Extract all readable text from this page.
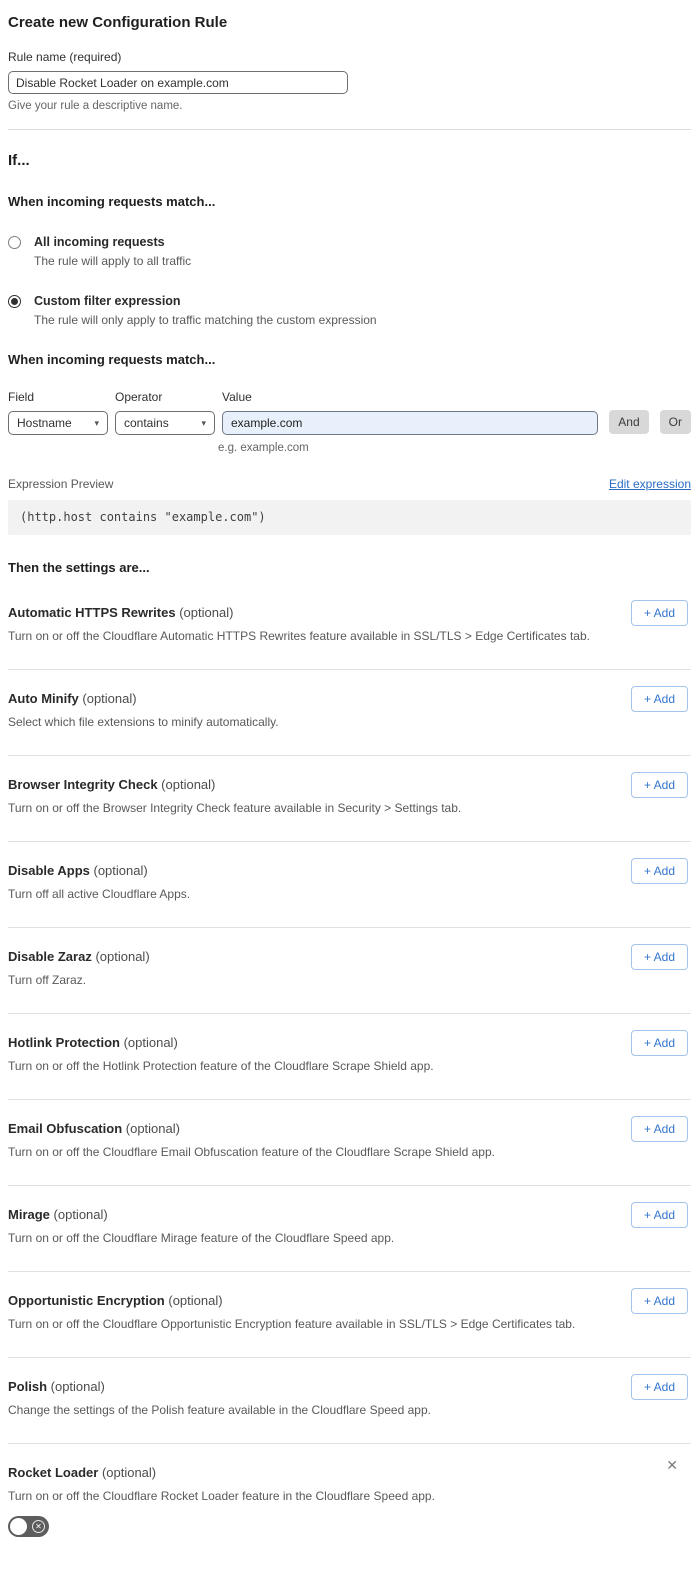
Create new Configuration Rule
Rule name (required)
Disable Rocket Loader on example.com
Give your rule a descriptive name.
If...
When incoming requests match...
All incoming requests
The rule will apply to all traffic
Custom filter expression
The rule will only apply to traffic matching the custom expression
When incoming requests match...
Field
Hostname	▾
Operator
contains	▾
Value
example.com
And	Or
e.g. example.com
Expression Preview	Edit expression
(http.host contains "example.com")
Then the settings are...
Automatic HTTPS Rewrites (optional)
Turn on or off the Cloudflare Automatic HTTPS Rewrites feature available in SSL/TLS > Edge Certificates tab.
+ Add
Auto Minify (optional)
Select which file extensions to minify automatically.
+ Add
Browser Integrity Check (optional)
Turn on or off the Browser Integrity Check feature available in Security > Settings tab.
+ Add
Disable Apps (optional)
Turn off all active Cloudflare Apps.
+ Add
Disable Zaraz (optional)
Turn off Zaraz.
+ Add
Hotlink Protection (optional)
Turn on or off the Hotlink Protection feature of the Cloudflare Scrape Shield app.
+ Add
Email Obfuscation (optional)
Turn on or off the Cloudflare Email Obfuscation feature of the Cloudflare Scrape Shield app.
+ Add
Mirage (optional)
Turn on or off the Cloudflare Mirage feature of the Cloudflare Speed app.
+ Add
Opportunistic Encryption (optional)
Turn on or off the Cloudflare Opportunistic Encryption feature available in SSL/TLS > Edge Certificates tab.
+ Add
Polish (optional)
Change the settings of the Polish feature available in the Cloudflare Speed app.
+ Add
Rocket Loader (optional)	✕
Turn on or off the Cloudflare Rocket Loader feature in the Cloudflare Speed app.
✕
